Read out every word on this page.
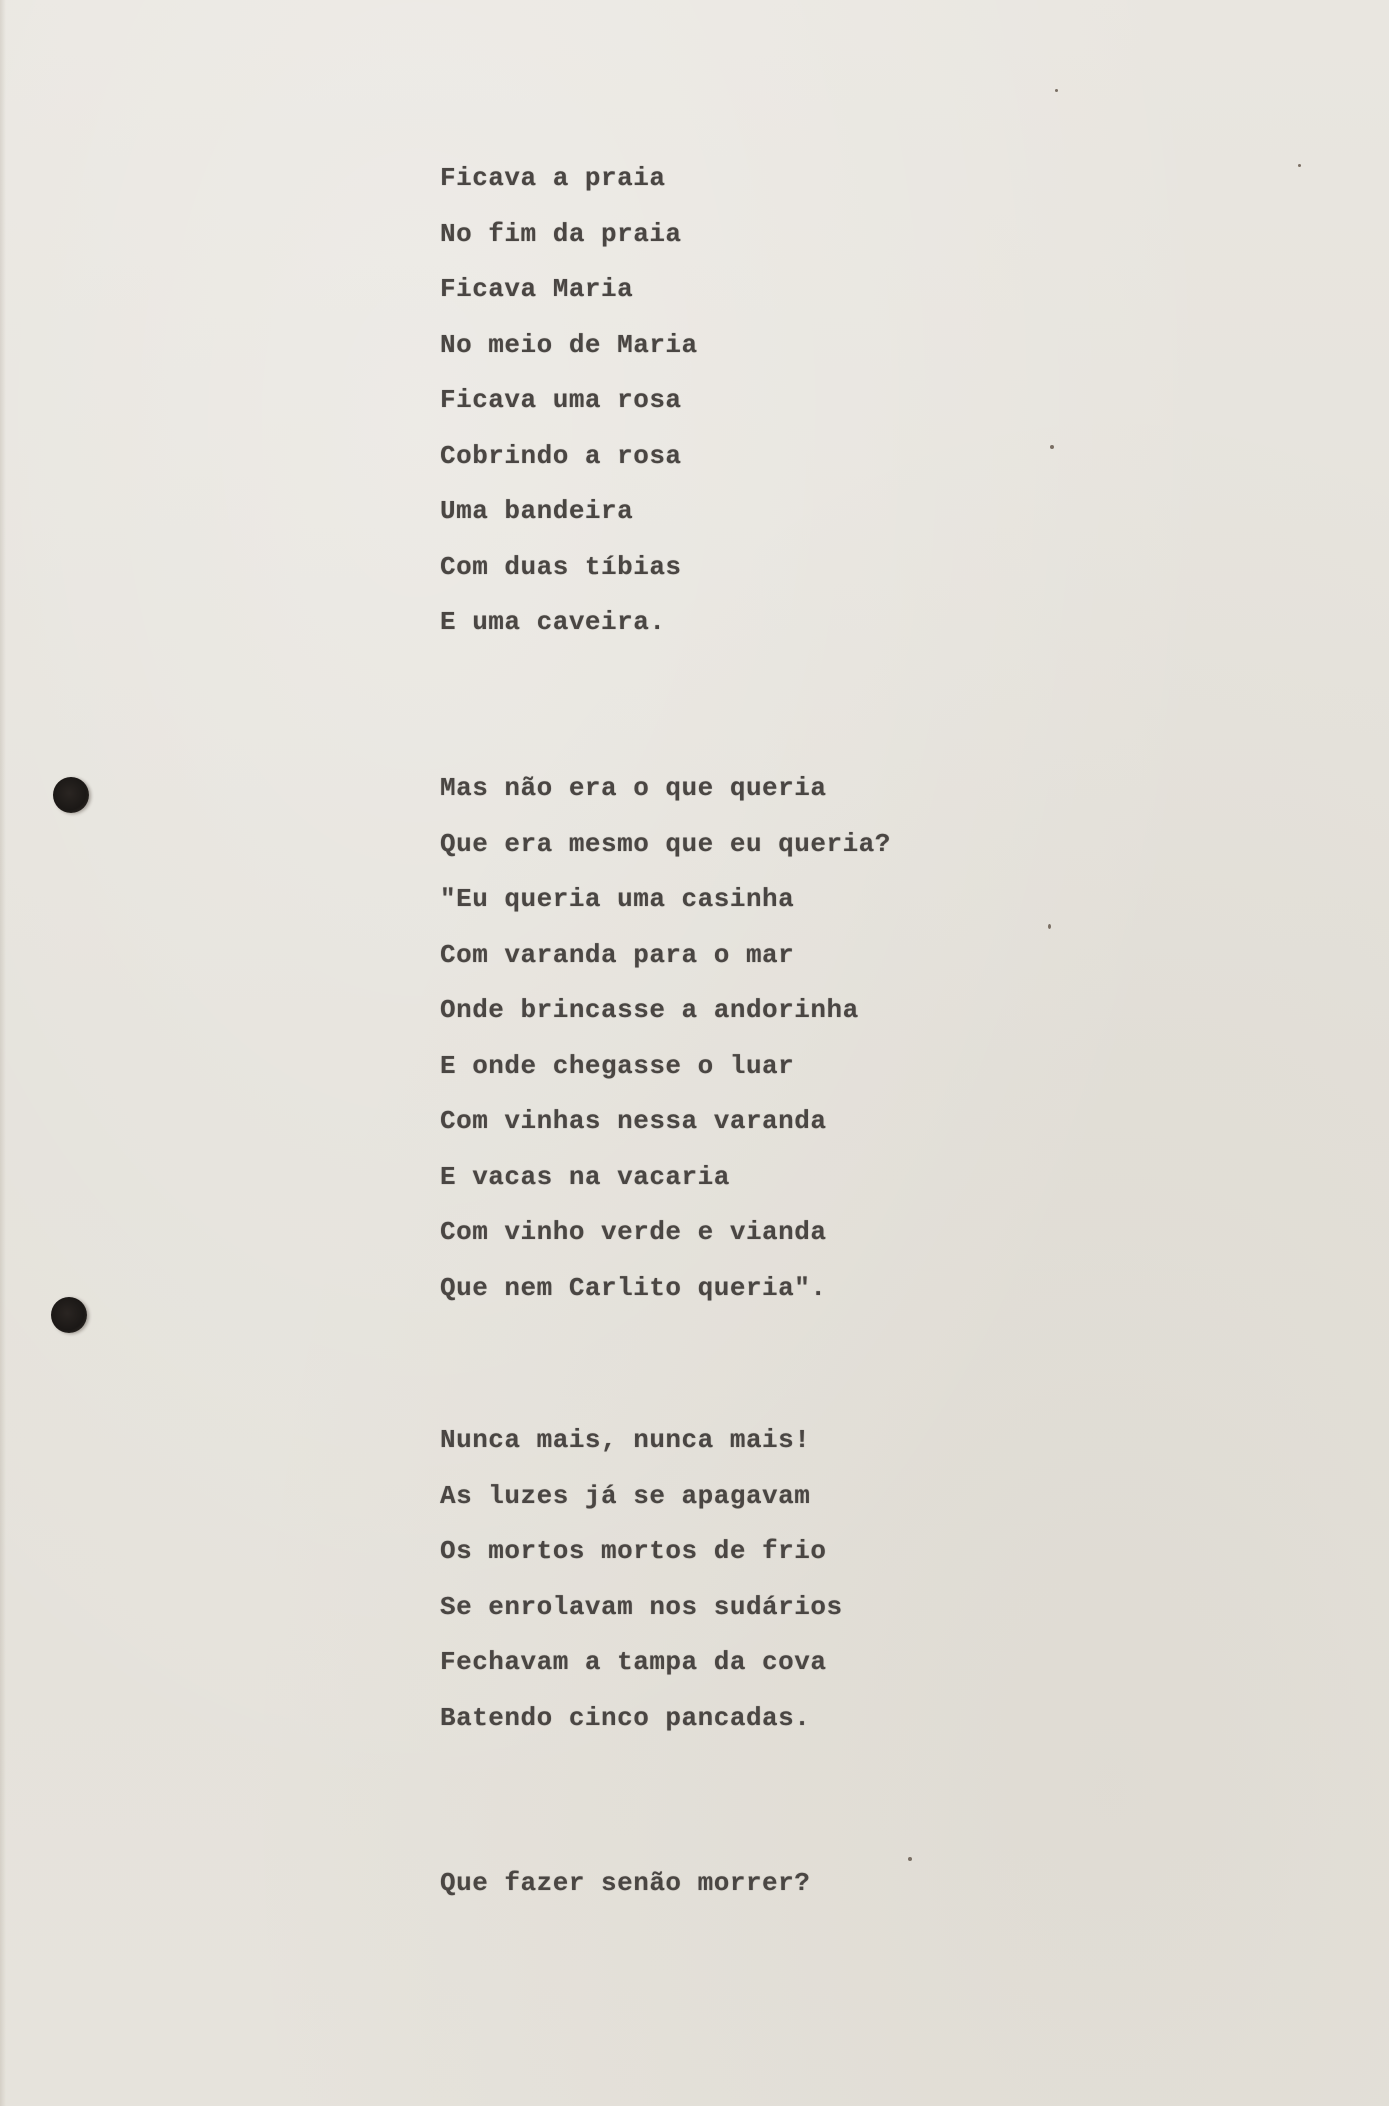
Ficava a praia
No fim da praia
Ficava Maria
No meio de Maria
Ficava uma rosa
Cobrindo a rosa
Uma bandeira
Com duas tíbias
E uma caveira.
Mas não era o que queria
Que era mesmo que eu queria?
"Eu queria uma casinha
Com varanda para o mar
Onde brincasse a andorinha
E onde chegasse o luar
Com vinhas nessa varanda
E vacas na vacaria
Com vinho verde e vianda
Que nem Carlito queria".
Nunca mais, nunca mais!
As luzes já se apagavam
Os mortos mortos de frio
Se enrolavam nos sudários
Fechavam a tampa da cova
Batendo cinco pancadas.
Que fazer senão morrer?
